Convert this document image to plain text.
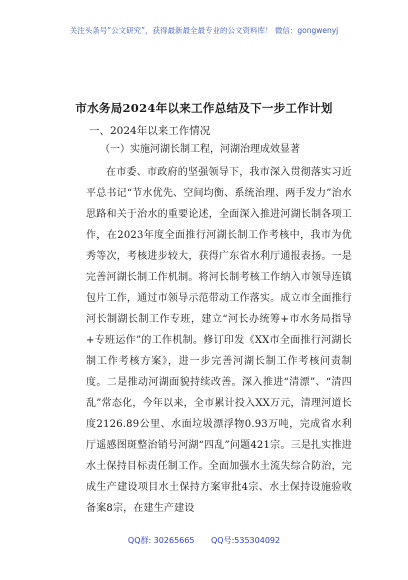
关注头条号“公文研究”，获得最新最全最专业的公文资料库！ 微信：gongwenyj
市水务局2024年以来工作总结及下一步工作计划
一、2024年以来工作情况
（一）实施河湖长制工程，河湖治理成效显著
在市委、市政府的坚强领导下，我市深入贯彻落实习近平总书记“节水优先、空间均衡、系统治理、两手发力”治水思路和关于治水的重要论述，全面深入推进河湖长制各项工作，在2023年度全面推行河湖长制工作考核中，我市为优秀等次，考核进步较大，获得广东省水利厅通报表扬。一是完善河湖长制工作机制。将河长制考核工作纳入市领导连镇包片工作，通过市领导示范带动工作落实。成立市全面推行河长制湖长制工作专班，建立“河长办统筹+市水务局指导+专班运作”的工作机制。修订印发《XX市全面推行河湖长制工作考核方案》，进一步完善河湖长制工作考核问责制度。二是推动河湖面貌持续改善。深入推进“清漂”、“清四乱”常态化，今年以来，全市累计投入XX万元，清理河道长度2126.89公里、水面垃圾漂浮物0.93万吨，完成省水利厅遥感图斑整治销号河湖“四乱”问题421宗。三是扎实推进水土保持目标责任制工作。全面加强水土流失综合防治，完成生产建设项目水土保持方案审批4宗、水土保持设施验收备案8宗，在建生产建设
QQ群: 30265665 QQ号:535304092
